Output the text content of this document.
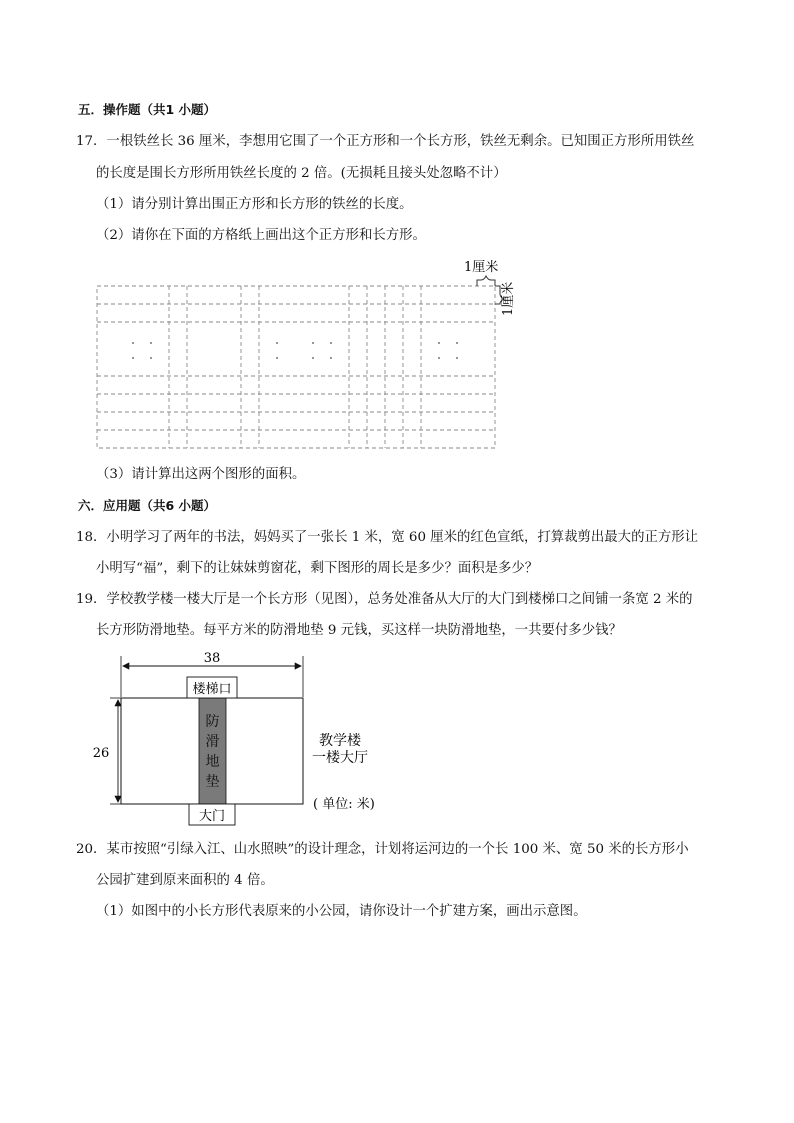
五．操作题（共1 小题）
17．一根铁丝长 36 厘米，李想用它围了一个正方形和一个长方形，铁丝无剩余。已知围正方形所用铁丝
的长度是围长方形所用铁丝长度的 2 倍。(无损耗且接头处忽略不计）
（1）请分别计算出围正方形和长方形的铁丝的长度。
（2）请你在下面的方格纸上画出这个正方形和长方形。
1厘米
1厘米
（3）请计算出这两个图形的面积。
六．应用题（共6 小题）
18．小明学习了两年的书法，妈妈买了一张长 1 米，宽 60 厘米的红色宣纸，打算裁剪出最大的正方形让
小明写“福”，剩下的让妹妹剪窗花，剩下图形的周长是多少？面积是多少？
19．学校教学楼一楼大厅是一个长方形（见图），总务处准备从大厅的大门到楼梯口之间铺一条宽 2 米的
长方形防滑地垫。每平方米的防滑地垫 9 元钱，买这样一块防滑地垫，一共要付多少钱？
38
26
防
滑
地
垫
楼梯口
大门
教学楼
一楼大厅
( 单位: 米)
20．某市按照“引绿入江、山水照映”的设计理念，计划将运河边的一个长 100 米、宽 50 米的长方形小
公园扩建到原来面积的 4 倍。
（1）如图中的小长方形代表原来的小公园，请你设计一个扩建方案，画出示意图。
